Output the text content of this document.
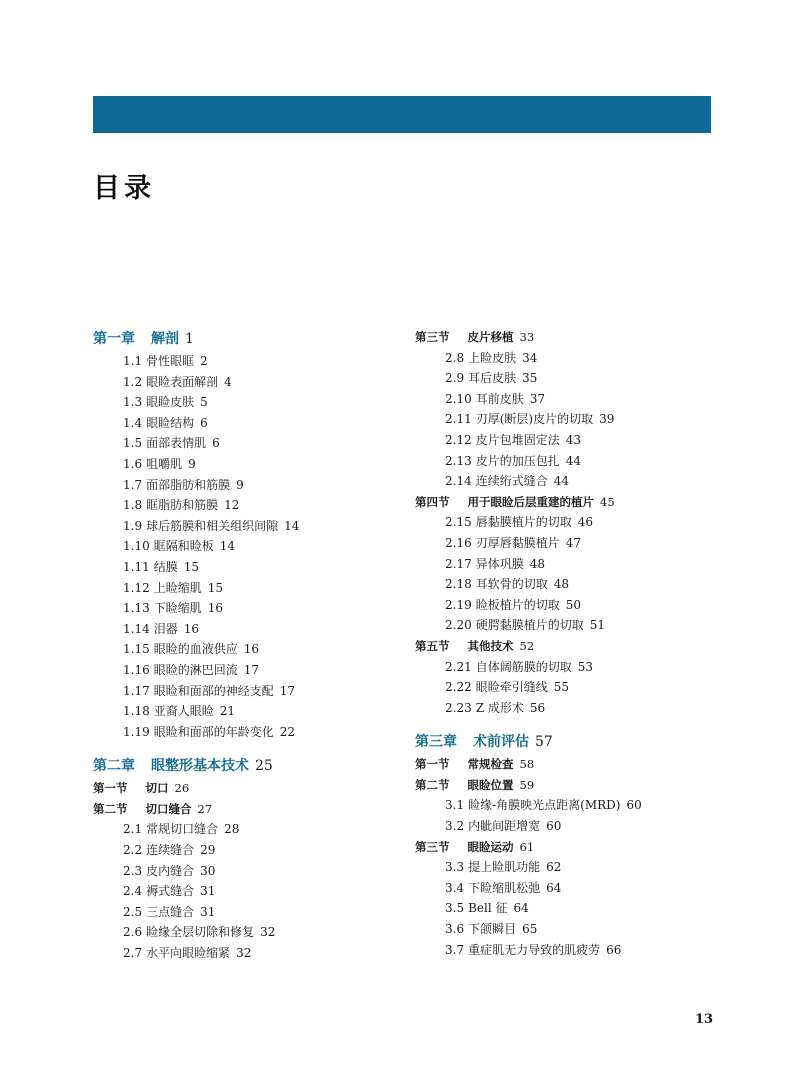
目录
第一章 解剖 1
1.1 骨性眼眶 2
1.2 眼睑表面解剖 4
1.3 眼睑皮肤 5
1.4 眼睑结构 6
1.5 面部表情肌 6
1.6 咀嚼肌 9
1.7 面部脂肪和筋膜 9
1.8 眶脂肪和筋膜 12
1.9 球后筋膜和相关组织间隙 14
1.10 眶隔和睑板 14
1.11 结膜 15
1.12 上睑缩肌 15
1.13 下睑缩肌 16
1.14 泪器 16
1.15 眼睑的血液供应 16
1.16 眼睑的淋巴回流 17
1.17 眼睑和面部的神经支配 17
1.18 亚裔人眼睑 21
1.19 眼睑和面部的年龄变化 22
第二章 眼整形基本技术 25
第一节 切口 26
第二节 切口缝合 27
2.1 常规切口缝合 28
2.2 连续缝合 29
2.3 皮内缝合 30
2.4 褥式缝合 31
2.5 三点缝合 31
2.6 睑缘全层切除和修复 32
2.7 水平向眼睑缩紧 32
第三节 皮片移植 33
2.8 上睑皮肤 34
2.9 耳后皮肤 35
2.10 耳前皮肤 37
2.11 刃厚(断层)皮片的切取 39
2.12 皮片包堆固定法 43
2.13 皮片的加压包扎 44
2.14 连续绗式缝合 44
第四节 用于眼睑后层重建的植片 45
2.15 唇黏膜植片的切取 46
2.16 刃厚唇黏膜植片 47
2.17 异体巩膜 48
2.18 耳软骨的切取 48
2.19 睑板植片的切取 50
2.20 硬腭黏膜植片的切取 51
第五节 其他技术 52
2.21 自体阔筋膜的切取 53
2.22 眼睑牵引缝线 55
2.23 Z 成形术 56
第三章 术前评估 57
第一节 常规检查 58
第二节 眼睑位置 59
3.1 睑缘-角膜映光点距离(MRD) 60
3.2 内眦间距增宽 60
第三节 眼睑运动 61
3.3 提上睑肌功能 62
3.4 下睑缩肌松弛 64
3.5 Bell 征 64
3.6 下颌瞬目 65
3.7 重症肌无力导致的肌疲劳 66
13
